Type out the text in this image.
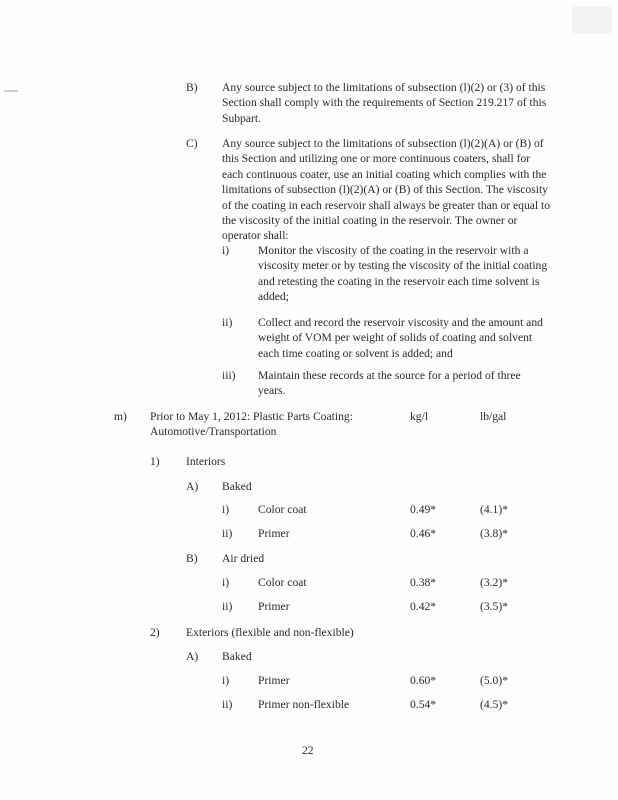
B) Any source subject to the limitations of subsection (l)(2) or (3) of this Section shall comply with the requirements of Section 219.217 of this Subpart.
C) Any source subject to the limitations of subsection (l)(2)(A) or (B) of this Section and utilizing one or more continuous coaters, shall for each continuous coater, use an initial coating which complies with the limitations of subsection (l)(2)(A) or (B) of this Section. The viscosity of the coating in each reservoir shall always be greater than or equal to the viscosity of the initial coating in the reservoir. The owner or operator shall:
i) Monitor the viscosity of the coating in the reservoir with a viscosity meter or by testing the viscosity of the initial coating and retesting the coating in the reservoir each time solvent is added;
ii) Collect and record the reservoir viscosity and the amount and weight of VOM per weight of solids of coating and solvent each time coating or solvent is added; and
iii) Maintain these records at the source for a period of three years.
m) Prior to May 1, 2012: Plastic Parts Coating: Automotive/Transportation
kg/l	lb/gal
1) Interiors
A) Baked
i) Color coat	0.49*	(4.1)*
ii) Primer	0.46*	(3.8)*
B) Air dried
i) Color coat	0.38*	(3.2)*
ii) Primer	0.42*	(3.5)*
2) Exteriors (flexible and non-flexible)
A) Baked
i) Primer	0.60*	(5.0)*
ii) Primer non-flexible	0.54*	(4.5)*
22
